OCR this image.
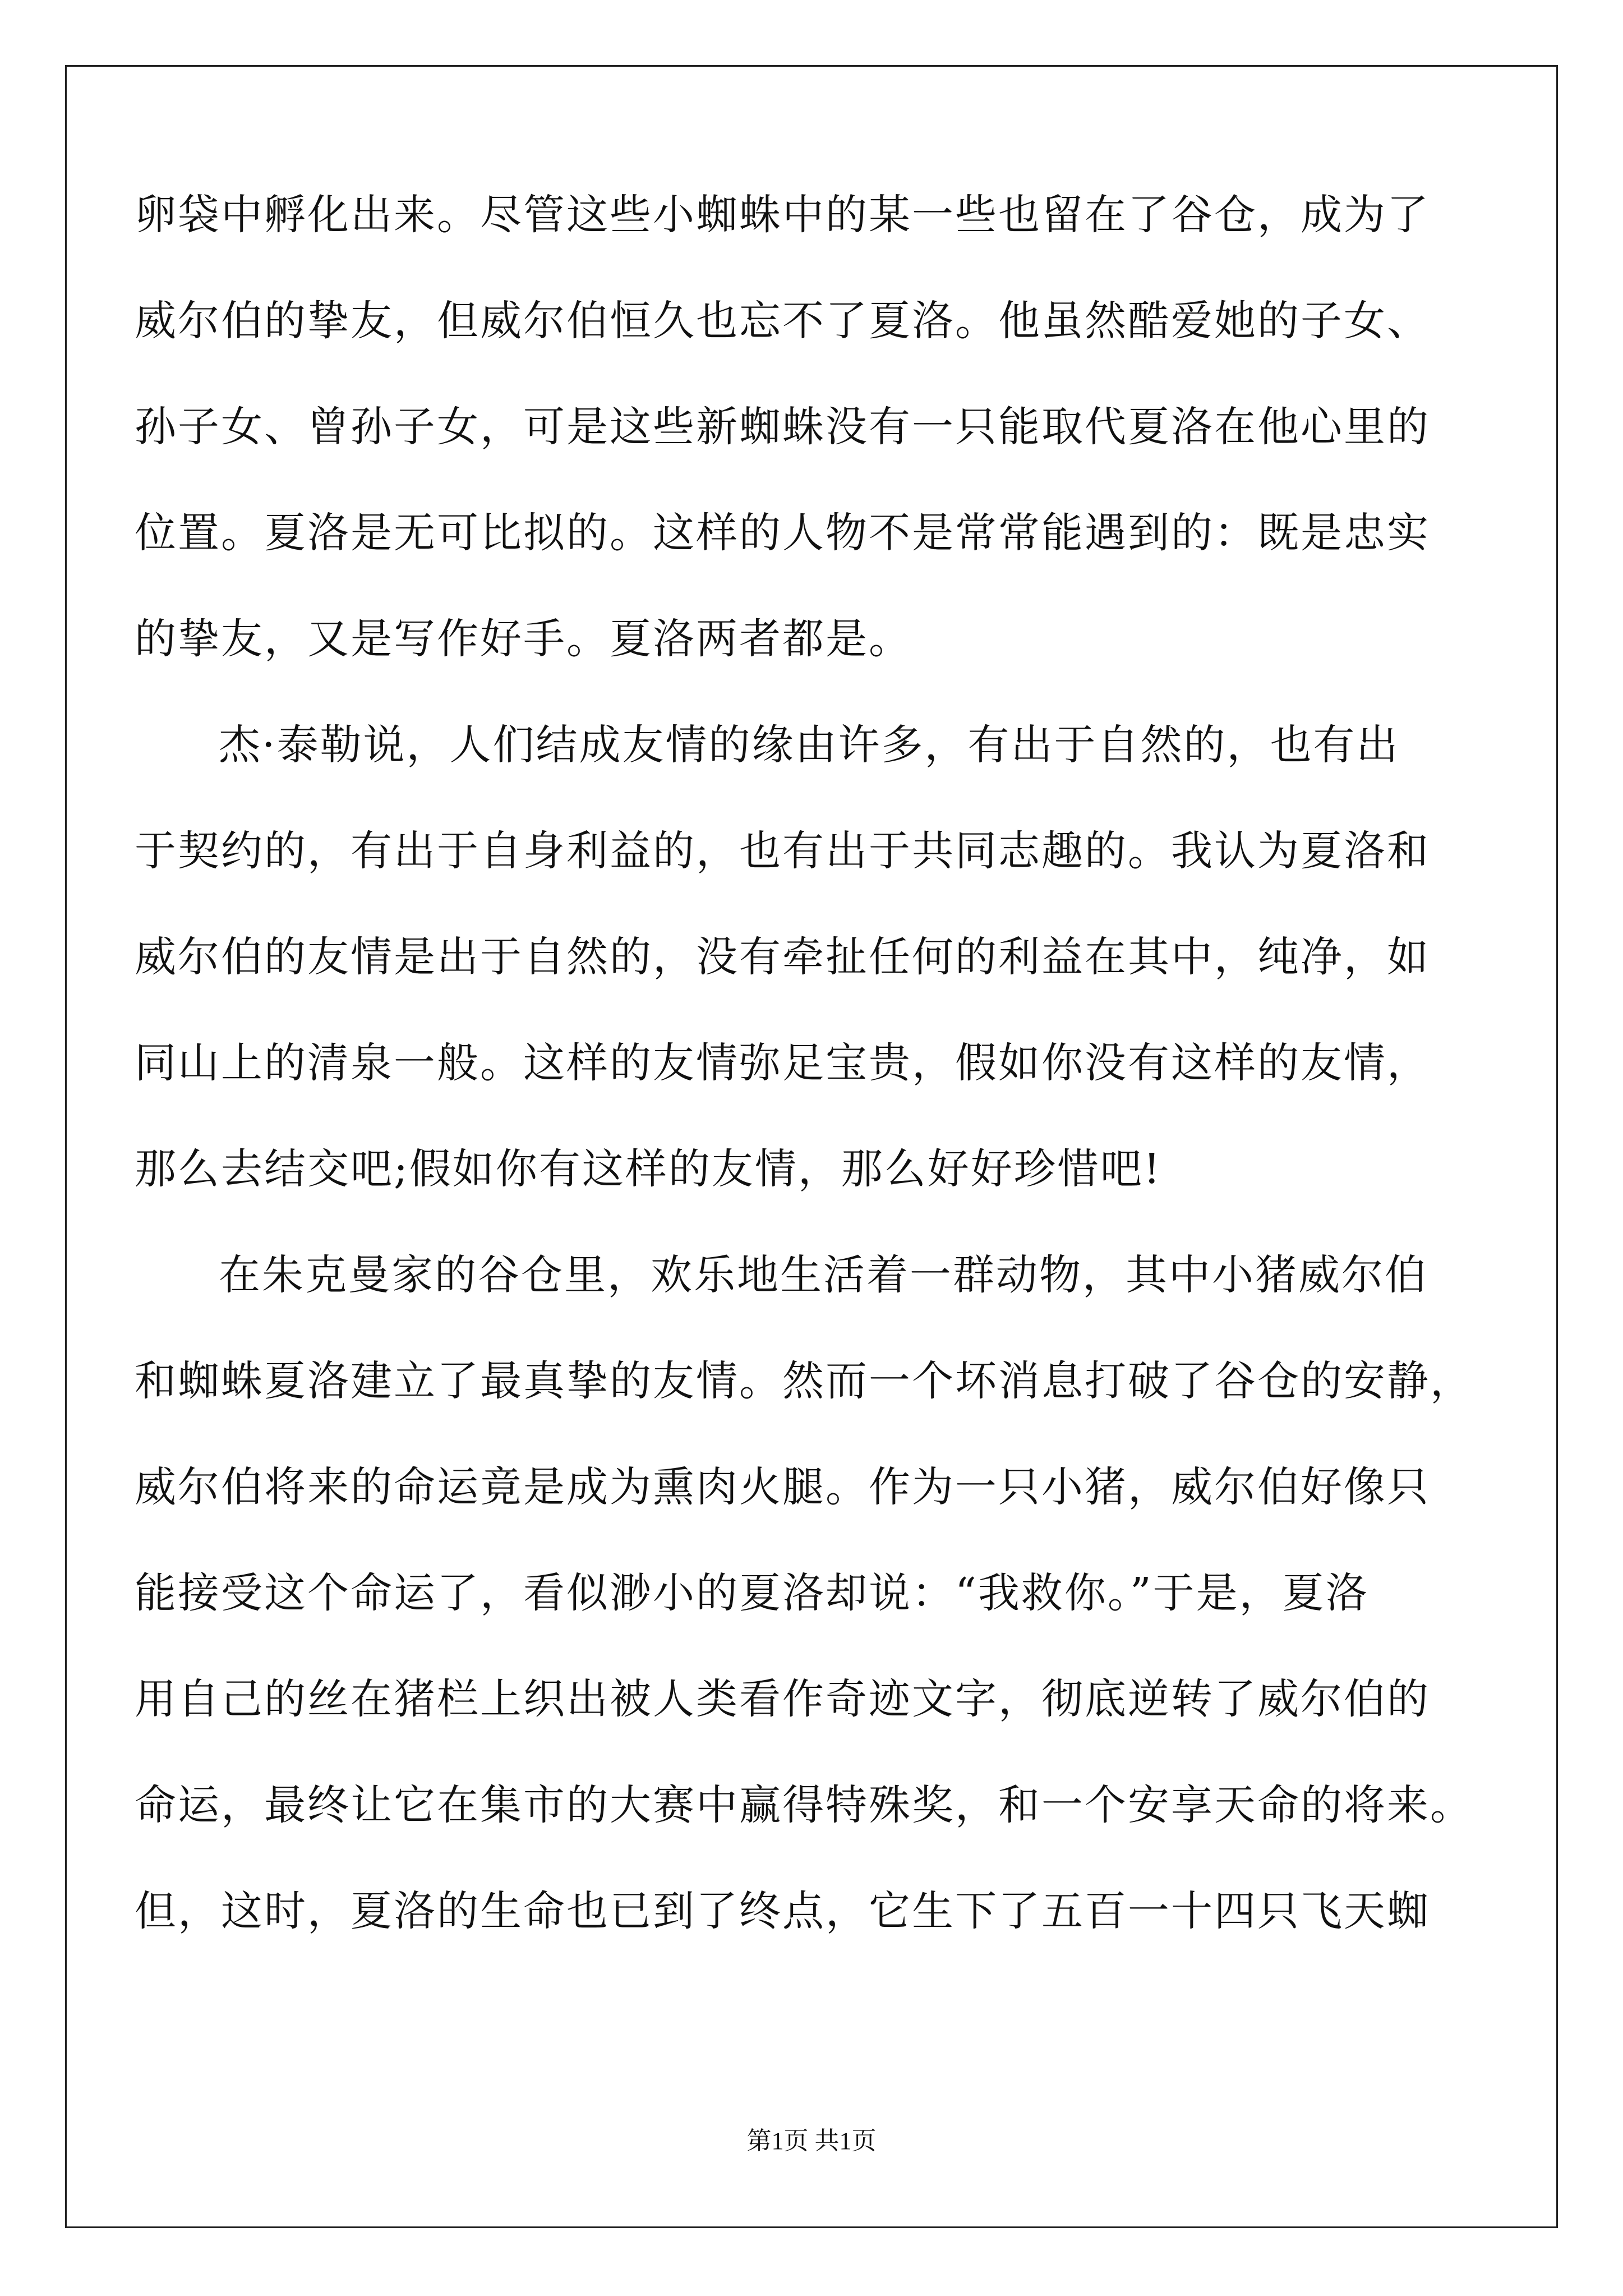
卵袋中孵化出来。尽管这些小蜘蛛中的某一些也留在了谷仓，成为了
威尔伯的挚友，但威尔伯恒久也忘不了夏洛。他虽然酷爱她的子女、
孙子女、曾孙子女，可是这些新蜘蛛没有一只能取代夏洛在他心里的
位置。夏洛是无可比拟的。这样的人物不是常常能遇到的：既是忠实
的挚友，又是写作好手。夏洛两者都是。
杰·泰勒说，人们结成友情的缘由许多，有出于自然的，也有出
于契约的，有出于自身利益的，也有出于共同志趣的。我认为夏洛和
威尔伯的友情是出于自然的，没有牵扯任何的利益在其中，纯净，如
同山上的清泉一般。这样的友情弥足宝贵，假如你没有这样的友情，
那么去结交吧;假如你有这样的友情，那么好好珍惜吧!
在朱克曼家的谷仓里，欢乐地生活着一群动物，其中小猪威尔伯
和蜘蛛夏洛建立了最真挚的友情。然而一个坏消息打破了谷仓的安静，
威尔伯将来的命运竟是成为熏肉火腿。作为一只小猪，威尔伯好像只
能接受这个命运了，看似渺小的夏洛却说：“我救你。”于是，夏洛
用自己的丝在猪栏上织出被人类看作奇迹文字，彻底逆转了威尔伯的
命运，最终让它在集市的大赛中赢得特殊奖，和一个安享天命的将来。
但，这时，夏洛的生命也已到了终点，它生下了五百一十四只飞天蜘
第1页 共1页
